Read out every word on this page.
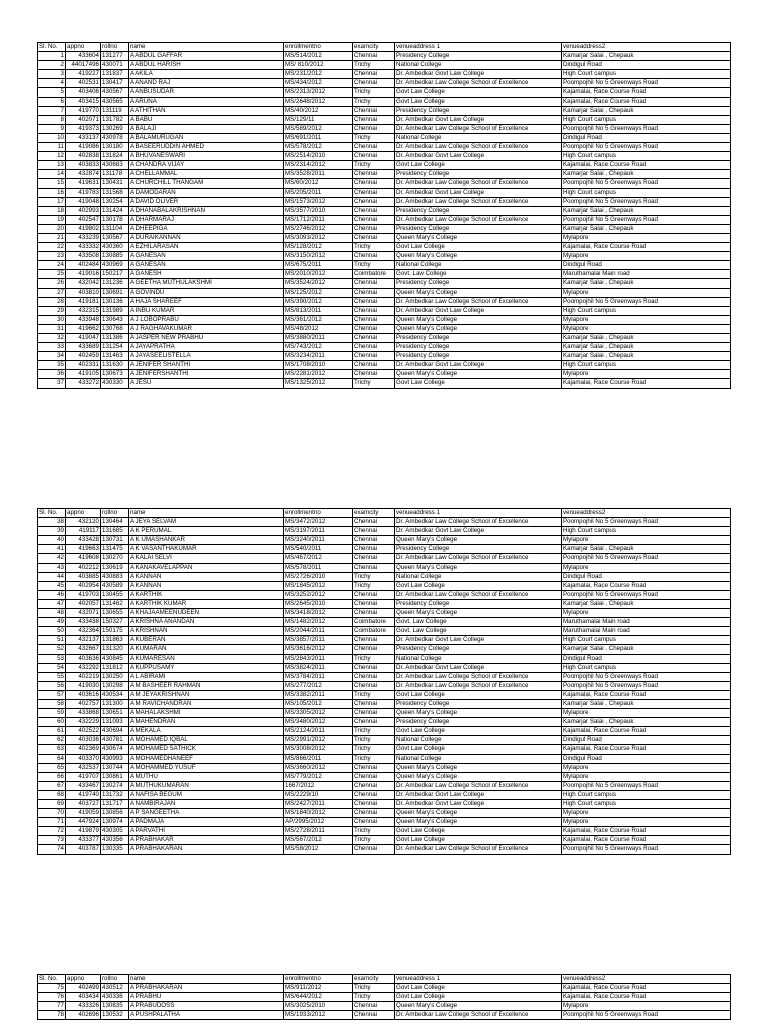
Sl. No.	appno	rollno	name	enrollmentno	examcity	venueaddress 1	venueaddress2
1	433604	131277	A ABDUL GAFFAR	MS/514/2012	Chennai	Presidency College	Kamarjar Salai , Chepauk
2	44017496	430071	A ABDUL HARISH	MS/ 810/2012	Trichy	National College	Dindigul Road
3	419227	131837	A AKILA	MS/231/2012	Chennai	Dr. Ambedkar Govt Law College	High Court campus
4	402531	130417	A ANAND RAJ	MS/434/2012	Chennai	Dr. Ambedkar Law College School of Excellence	Poompojhil No 5 Greenways Road
5	403406	430567	A ANBUSUDAR	MS/2313/2012	Trichy	Govt Law College	Kajamalai, Race Course Road
6	403415	430565	A ARUNA	MS/2648/2012	Trichy	Govt Law College	Kajamalai, Race Course Road
7	419770	131119	A ATHITHAN	MS/40/2012	Chennai	Presidency College	Kamarjar Salai , Chepauk
8	402071	131782	A BABU	MS/129/11	Chennai	Dr. Ambedkar Govt Law College	High Court campus
9	419373	130269	A BALAJI	MS/589/2012	Chennai	Dr. Ambedkar Law College School of Excellence	Poompojhil No 5 Greenways Road
10	433137	430978	A BALAMURUGAN	MS/691/2011	Trichy	National College	Dindigul Road
11	419086	130180	A BASEERUDDIN AHMED	MS/578/2012	Chennai	Dr. Ambedkar Law College School of Excellence	Poompojhil No 5 Greenways Road
12	402838	131824	A BHUVANESWARI	MS/2514/2010	Chennai	Dr. Ambedkar Govt Law College	High Court campus
13	403833	430683	A CHANDRA VIJAY	MS/2314/2012	Trichy	Govt Law College	Kajamalai, Race Course Road
14	432874	131178	A CHELLAMMAL	MS/3528/2011	Chennai	Presidency College	Kamarjar Salai , Chepauk
15	419631	130431	A CHURCHILL THANGAM	MS/60/2012	Chennai	Dr. Ambedkar Law College School of Excellence	Poompojhil No 5 Greenways Road
16	419783	131568	A DAMODARAN	MS/205/2011	Chennai	Dr. Ambedkar Govt Law College	High Court campus
17	419048	130254	A DAVID OLIVER	MS/1573/2012	Chennai	Dr. Ambedkar Law College School of Excellence	Poompojhil No 5 Greenways Road
18	402993	131424	A DHANABALAKRISHNAN	MS/3577/2010	Chennai	Presidency College	Kamarjar Salai , Chepauk
19	402547	130178	A DHARMARAJ	MS/1712/2011	Chennai	Dr. Ambedkar Law College School of Excellence	Poompojhil No 5 Greenways Road
20	419802	131104	A DHEEPIGA	MS/2746/2012	Chennai	Presidency College	Kamarjar Salai , Chepauk
21	433239	130567	A DURAIKANNAN	MS/3093/2012	Chennai	Queen Mary's College	Mylapore
22	433332	430360	A EZHILARASAN	MS/128/2012	Trichy	Govt Law College	Kajamalai, Race Course Road
23	433508	130885	A GANESAN	MS/3150/2012	Chennai	Queen Mary's College	Mylapore
24	402484	430969	A GANESAN	MS/675/2011	Trichy	National College	Dindigul Road
25	419016	150217	A GANESH	MS/2010/2012	Coimbatore	Govt. Law College	Maruthamalai Main road
26	432042	131236	A GEETHA MUTHULAKSHMI	MS/3524/2012	Chennai	Presidency College	Kamarjar Salai , Chepauk
27	403810	130691	A GOVINDU	MS/125/2012	Chennai	Queen Mary's College	Mylapore
28	419181	130136	A HAJA SHAREEF	MS/390/2012	Chennai	Dr. Ambedkar Law College School of Excellence	Poompojhil No 5 Greenways Road
29	432315	131989	A INBU KUMAR	MS/813/2011	Chennai	Dr. Ambedkar Govt Law College	High Court campus
30	433948	130643	A J LOBOPRABU	MS/361/2012	Chennai	Queen Mary's College	Mylapore
31	419662	130768	A J RAGHAVAKUMAR	MS/48/2012	Chennai	Queen Mary's College	Mylapore
32	419047	131386	A JASPER NEW PRABHU	MS/3880/2011	Chennai	Presidency College	Kamarjar Salai , Chepauk
33	433689	131254	A JAYAPRATHA	MS/743/2012	Chennai	Presidency College	Kamarjar Salai , Chepauk
34	402459	131463	A JAYASEELISTELLA	MS/3234/2011	Chennai	Presidency College	Kamarjar Salai , Chepauk
35	402331	131630	A JENIFER SHANTHI	MS/1708/2010	Chennai	Dr. Ambedkar Govt Law College	High Court campus
36	419105	130673	A JENIFERSHANTHI	MS/2281/2012	Chennai	Queen Mary's College	Mylapore
37	433272	430330	A JESU	MS/1325/2012	Trichy	Govt Law College	Kajamalai, Race Course Road
Sl. No.	appno	rollno	name	enrollmentno	examcity	venueaddress 1	venueaddress2
38	432120	130464	A JEYA SELVAM	MS/3472/2012	Chennai	Dr. Ambedkar Law College School of Excellence	Poompojhil No 5 Greenways Road
39	419117	131685	A K PERUMAL	MS/3197/2011	Chennai	Dr. Ambedkar Govt Law College	High Court campus
40	433428	130731	A K UMASHANKAR	MS/3240/2011	Chennai	Queen Mary's College	Mylapore
41	419663	131475	A K VASANTHAKUMAR	MS/540/2011	Chennai	Presidency College	Kamarjar Salai , Chepauk
42	419608	130270	A KALAI SELVI	MS/467/2012	Chennai	Dr. Ambedkar Law College School of Excellence	Poompojhil No 5 Greenways Road
43	402212	130619	A KANAKAVELAPPAN	MS/578/2011	Chennai	Queen Mary's College	Mylapore
44	403885	430883	A KANNAN	MS/2726/2010	Trichy	National College	Dindigul Road
45	402954	430589	A KANNAN	MS/1845/2012	Trichy	Govt Law College	Kajamalai, Race Course Road
46	419703	130455	A KARTHIK	MS/3252/2012	Chennai	Dr. Ambedkar Law College School of Excellence	Poompojhil No 5 Greenways Road
47	402057	131462	A KARTHIK KUMAR	MS/2645/2010	Chennai	Presidency College	Kamarjar Salai , Chepauk
48	432071	130655	A KHAJAAMEENUDEEN	MS/3418/2012	Chennai	Queen Mary's College	Mylapore
49	433438	150327	A KRISHNA ANANDAN	MS/1482/2012	Coimbatore	Govt. Law College	Maruthamalai Main road
50	432364	150175	A KRISHNAN	MS/2044/2011	Coimbatore	Govt. Law College	Maruthamalai Main road
51	432137	131863	A KUBERAN	MS/3857/2011	Chennai	Dr. Ambedkar Govt Law College	High Court campus
52	432667	131320	A KUMARAN	MS/3616/2012	Chennai	Presidency College	Kamarjar Salai , Chepauk
53	403636	430845	A KUMARESAN	MS/2843/2011	Trichy	National College	Dindigul Road
54	432292	131812	A KUPPUSAMY	MS/3824/2011	Chennai	Dr. Ambedkar Govt Law College	High Court campus
55	402219	130250	A L ABIRAMI	MS/3784/2011	Chennai	Dr. Ambedkar Law College School of Excellence	Poompojhil No 5 Greenways Road
56	419030	130298	A M BASHEER RAHMAN	MS/277/2012	Chennai	Dr. Ambedkar Law College School of Excellence	Poompojhil No 5 Greenways Road
57	403616	430534	A M JEYAKRISHNAN	MS/3382/2011	Trichy	Govt Law College	Kajamalai, Race Course Road
58	402757	131300	A M RAVICHANDRAN	MS/105/2012	Chennai	Presidency College	Kamarjar Salai , Chepauk
59	433868	130651	A MAHALAKSHMI	MS/3305/2012	Chennai	Queen Mary's College	Mylapore
60	432229	131093	A MAHENDRAN	MS/3480/2012	Chennai	Presidency College	Kamarjar Salai , Chepauk
61	402522	430694	A MEKALA	MS/2124/2011	Trichy	Govt Law College	Kajamalai, Race Course Road
62	403036	430781	A MOHAMED IQBAL	MS/2991/2012	Trichy	National College	Dindigul Road
63	402369	430674	A MOHAMED SATHICK	MS/3008/2012	Trichy	Govt Law College	Kajamalai, Race Course Road
64	403370	430993	A MOHAMEDHANEEF	MS/866/2011	Trichy	National College	Dindigul Road
65	432537	130744	A MOHAMMED YUSUF	MS/3660/2012	Chennai	Queen Mary's College	Mylapore
66	419707	130861	A MUTHU	MS/779/2012	Chennai	Queen Mary's College	Mylapore
67	433467	130274	A MUTHUKUMARAN	1667/2012	Chennai	Dr. Ambedkar Law College School of Excellence	Poompojhil No 5 Greenways Road
68	419740	131732	A NAFISA BEGUM	MS/2229/10	Chennai	Dr. Ambedkar Govt Law College	High Court campus
69	403727	131717	A NAMBIRAJAN	MS/2427/2011	Chennai	Dr. Ambedkar Govt Law College	High Court campus
70	419059	130856	A P SANGEETHA	MS/1840/2012	Chennai	Queen Mary's College	Mylapore
71	447924	130974	A PADMAJA	AP/2995/2012	Chennai	Queen Mary's College	Mylapore
72	419879	430305	A PARVATHI	MS/2728/2011	Trichy	Govt Law College	Kajamalai, Race Course Road
73	433377	430356	A PRABHAKAR	MS/567/2012	Trichy	Govt Law College	Kajamalai, Race Course Road
74	403787	130335	A PRABHAKARAN	MS/58/2012	Chennai	Dr. Ambedkar Law College School of Excellence	Poompojhil No 5 Greenways Road
Sl. No.	appno	rollno	name	enrollmentno	examcity	venueaddress 1	venueaddress2
75	402499	430512	A PRABHAKARAN	MS/911/2012	Trichy	Govt Law College	Kajamalai, Race Course Road
76	403434	430336	A PRABHU	MS/644/2012	Trichy	Govt Law College	Kajamalai, Race Course Road
77	433326	130835	A PRABUDOSS	MS/3025/2010	Chennai	Queen Mary's College	Mylapore
78	402696	130532	A PUSHPALATHA	MS/1933/2012	Chennai	Dr. Ambedkar Law College School of Excellence	Poompojhil No 5 Greenways Road
